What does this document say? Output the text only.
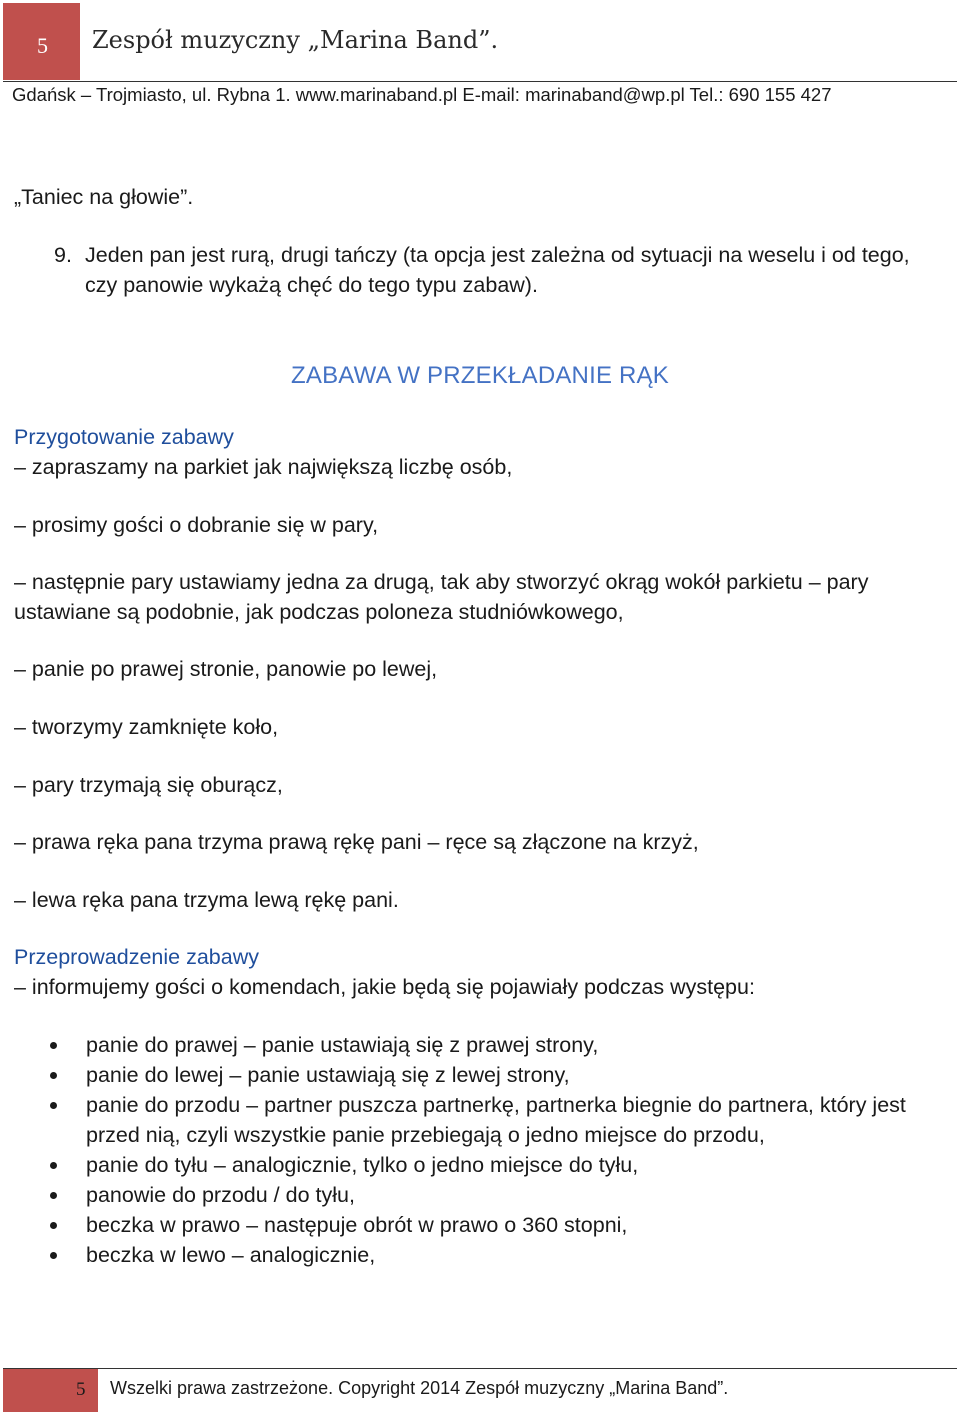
5 Zespół muzyczny „Marina Band”.
Gdańsk – Trojmiasto, ul. Rybna 1. www.marinaband.pl E-mail: marinaband@wp.pl Tel.: 690 155 427
„Taniec na głowie”.
9. Jeden pan jest rurą, drugi tańczy (ta opcja jest zależna od sytuacji na weselu i od tego, czy panowie wykażą chęć do tego typu zabaw).
ZABAWA W PRZEKŁADANIE RĄK
Przygotowanie zabawy
– zapraszamy na parkiet jak największą liczbę osób,
– prosimy gości o dobranie się w pary,
– następnie pary ustawiamy jedna za drugą, tak aby stworzyć okrąg wokół parkietu – pary ustawiane są podobnie, jak podczas poloneza studniówkowego,
– panie po prawej stronie, panowie po lewej,
– tworzymy zamknięte koło,
– pary trzymają się oburącz,
– prawa ręka pana trzyma prawą rękę pani – ręce są złączone na krzyż,
– lewa ręka pana trzyma lewą rękę pani.
Przeprowadzenie zabawy
– informujemy gości o komendach, jakie będą się pojawiały podczas występu:
panie do prawej – panie ustawiają się z prawej strony,
panie do lewej – panie ustawiają się z lewej strony,
panie do przodu – partner puszcza partnerkę, partnerka biegnie do partnera, który jest przed nią, czyli wszystkie panie przebiegają o jedno miejsce do przodu,
panie do tyłu – analogicznie, tylko o jedno miejsce do tyłu,
panowie do przodu / do tyłu,
beczka w prawo – następuje obrót w prawo o 360 stopni,
beczka w lewo – analogicznie,
5 Wszelki prawa zastrzeżone. Copyright 2014 Zespół muzyczny „Marina Band”.
